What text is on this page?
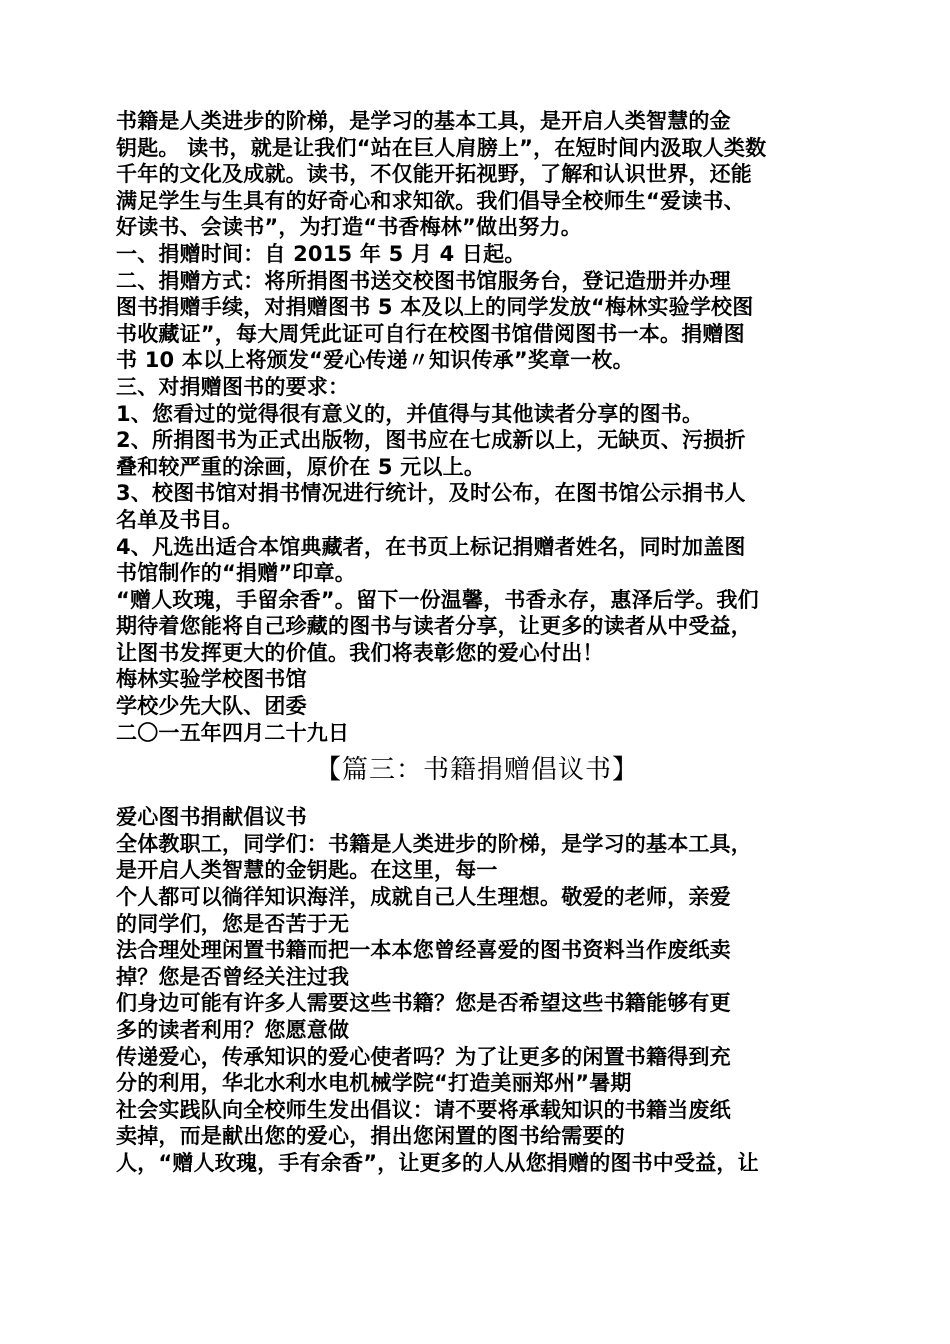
书籍是人类进步的阶梯，是学习的基本工具，是开启人类智慧的金
钥匙。 读书，就是让我们“站在巨人肩膀上”，在短时间内汲取人类数
千年的文化及成就。读书，不仅能开拓视野，了解和认识世界，还能
满足学生与生具有的好奇心和求知欲。我们倡导全校师生“爱读书、
好读书、会读书”，为打造“书香梅林”做出努力。
一、捐赠时间：自 2015 年 5 月 4 日起。
二、捐赠方式：将所捐图书送交校图书馆服务台，登记造册并办理
图书捐赠手续，对捐赠图书 5 本及以上的同学发放“梅林实验学校图
书收藏证”，每大周凭此证可自行在校图书馆借阅图书一本。捐赠图
书 10 本以上将颁发“爱心传递〃知识传承”奖章一枚。
三、对捐赠图书的要求：
1、您看过的觉得很有意义的，并值得与其他读者分享的图书。
2、所捐图书为正式出版物，图书应在七成新以上，无缺页、污损折
叠和较严重的涂画，原价在 5 元以上。
3、校图书馆对捐书情况进行统计，及时公布，在图书馆公示捐书人
名单及书目。
4、凡选出适合本馆典藏者，在书页上标记捐赠者姓名，同时加盖图
书馆制作的“捐赠”印章。
“赠人玫瑰，手留余香”。留下一份温馨，书香永存，惠泽后学。我们
期待着您能将自己珍藏的图书与读者分享，让更多的读者从中受益，
让图书发挥更大的价值。我们将表彰您的爱心付出！
梅林实验学校图书馆
学校少先大队、团委
二〇一五年四月二十九日
【篇三：书籍捐赠倡议书】
爱心图书捐献倡议书
全体教职工，同学们：书籍是人类进步的阶梯，是学习的基本工具，
是开启人类智慧的金钥匙。在这里，每一
个人都可以徜徉知识海洋，成就自己人生理想。敬爱的老师，亲爱
的同学们，您是否苦于无
法合理处理闲置书籍而把一本本您曾经喜爱的图书资料当作废纸卖
掉？您是否曾经关注过我
们身边可能有许多人需要这些书籍？您是否希望这些书籍能够有更
多的读者利用？您愿意做
传递爱心，传承知识的爱心使者吗？为了让更多的闲置书籍得到充
分的利用，华北水利水电机械学院“打造美丽郑州”暑期
社会实践队向全校师生发出倡议：请不要将承载知识的书籍当废纸
卖掉，而是献出您的爱心，捐出您闲置的图书给需要的
人，“赠人玫瑰，手有余香”，让更多的人从您捐赠的图书中受益，让
